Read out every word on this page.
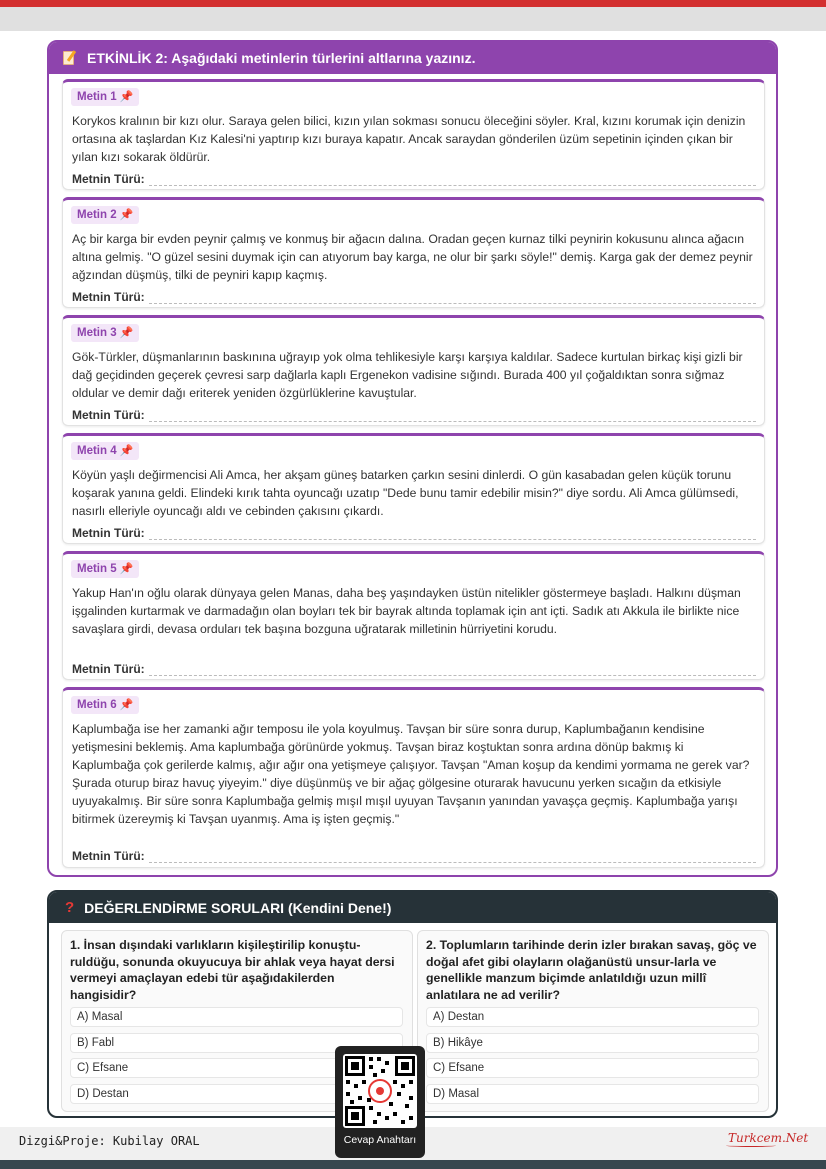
ETKİNLİK 2: Aşağıdaki metinlerin türlerini altlarına yazınız.
Metin 1 📌
Korykos kralının bir kızı olur. Saraya gelen bilici, kızın yılan sokması sonucu öleceğini söyler. Kral, kızını korumak için denizin ortasına ak taşlardan Kız Kalesi'ni yaptırıp kızı buraya kapatır. Ancak saraydan gönderilen üzüm sepetinin içinden çıkan bir yılan kızı sokarak öldürür.
Metnin Türü:
Metin 2 📌
Aç bir karga bir evden peynir çalmış ve konmuş bir ağacın dalına. Oradan geçen kurnaz tilki peynirin kokusunu alınca ağacın altına gelmiş. "O güzel sesini duymak için can atıyorum bay karga, ne olur bir şarkı söyle!" demiş. Karga gak der demez peynir ağzından düşmüş, tilki de peyniri kapıp kaçmış.
Metnin Türü:
Metin 3 📌
Gök-Türkler, düşmanlarının baskınına uğrayıp yok olma tehlikesiyle karşı karşıya kaldılar. Sadece kurtulan birkaç kişi gizli bir dağ geçidinden geçerek çevresi sarp dağlarla kaplı Ergenekon vadisine sığındı. Burada 400 yıl çoğaldıktan sonra sığmaz oldular ve demir dağı eriterek yeniden özgürlüklerine kavuştular.
Metnin Türü:
Metin 4 📌
Köyün yaşlı değirmencisi Ali Amca, her akşam güneş batarken çarkın sesini dinlerdi. O gün kasabadan gelen küçük torunu koşarak yanına geldi. Elindeki kırık tahta oyuncağı uzatıp "Dede bunu tamir edebilir misin?" diye sordu. Ali Amca gülümsedi, nasırlı elleriyle oyuncağı aldı ve cebinden çakısını çıkardı.
Metnin Türü:
Metin 5 📌
Yakup Han'ın oğlu olarak dünyaya gelen Manas, daha beş yaşındayken üstün nitelikler göstermeye başladı. Halkını düşman işgalinden kurtarmak ve darmadağın olan boyları tek bir bayrak altında toplamak için ant içti. Sadık atı Akkula ile birlikte nice savaşlara girdi, devasa orduları tek başına bozguna uğratarak milletinin hürriyetini korudu.
Metnin Türü:
Metin 6 📌
Kaplumbağa ise her zamanki ağır temposu ile yola koyulmuş. Tavşan bir süre sonra durup, Kaplumbağanın kendisine yetişmesini beklemiş. Ama kaplumbağa görünürde yokmuş. Tavşan biraz koştuktan sonra ardına dönüp bakmış ki Kaplumbağa çok gerilerde kalmış, ağır ağır ona yetişmeye çalışıyor. Tavşan "Aman koşup da kendimi yormama ne gerek var? Şurada oturup biraz havuç yiyeyim." diye düşünmüş ve bir ağaç gölgesine oturarak havucunu yerken sıcağın da etkisiyle uyuyakalmış. Bir süre sonra Kaplumbağa gelmiş mışıl mışıl uyuyan Tavşanın yanından yavaşça geçmiş. Kaplumbağa yarışı bitirmek üzereymiş ki Tavşan uyanmış. Ama iş işten geçmiş."
Metnin Türü:
? DEĞERLENDİRME SORULARI (Kendini Dene!)
1. İnsan dışındaki varlıkların kişileştirilip konuştu-ruldüğu, sonunda okuyucuya bir ahlak veya hayat dersi vermeyi amaçlayan edebi tür aşağıdakilerden hangisidir?
A) Masal
B) Fabl
C) Efsane
D) Destan
2. Toplumların tarihinde derin izler bırakan savaş, göç ve doğal afet gibi olayların olağanüstü unsur-larla ve genellikle manzum biçimde anlatıldığı uzun millî anlatılara ne ad verilir?
A) Destan
B) Hikâye
C) Efsane
D) Masal
Dizgi&Proje: Kubilay ORAL	Turkcem.Net
Cevap Anahtarı
